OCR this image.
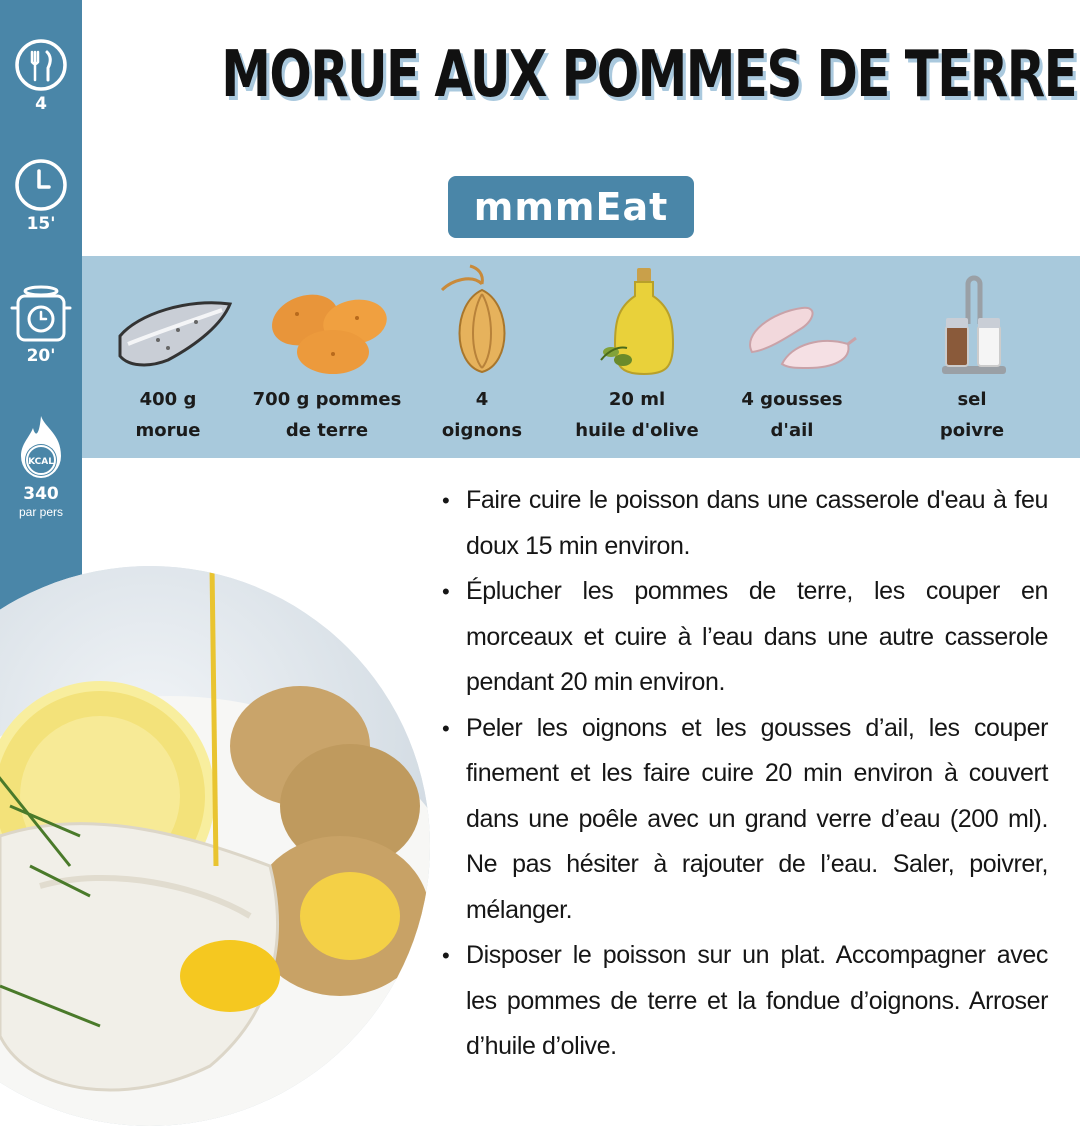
4
15'
20'
KCAL
340
par pers
MORUE AUX POMMES DE TERRE
mmmEat
400 g
morue
700 g pommes
de terre
4
oignons
20 ml
huile d'olive
4 gousses
d'ail
sel
poivre
• Faire cuire le poisson dans une casserole d'eau à feu doux 15 min environ.
• Éplucher les pommes de terre, les couper en morceaux et cuire à l’eau dans une autre casserole pendant 20 min environ.
• Peler les oignons et les gousses d’ail, les couper finement et les faire cuire 20 min environ à couvert dans une poêle avec un grand verre d’eau (200 ml). Ne pas hésiter à rajouter de l’eau. Saler, poivrer, mélanger.
• Disposer le poisson sur un plat. Accompagner avec les pommes de terre et la fondue d’oignons. Arroser d’huile d’olive.
